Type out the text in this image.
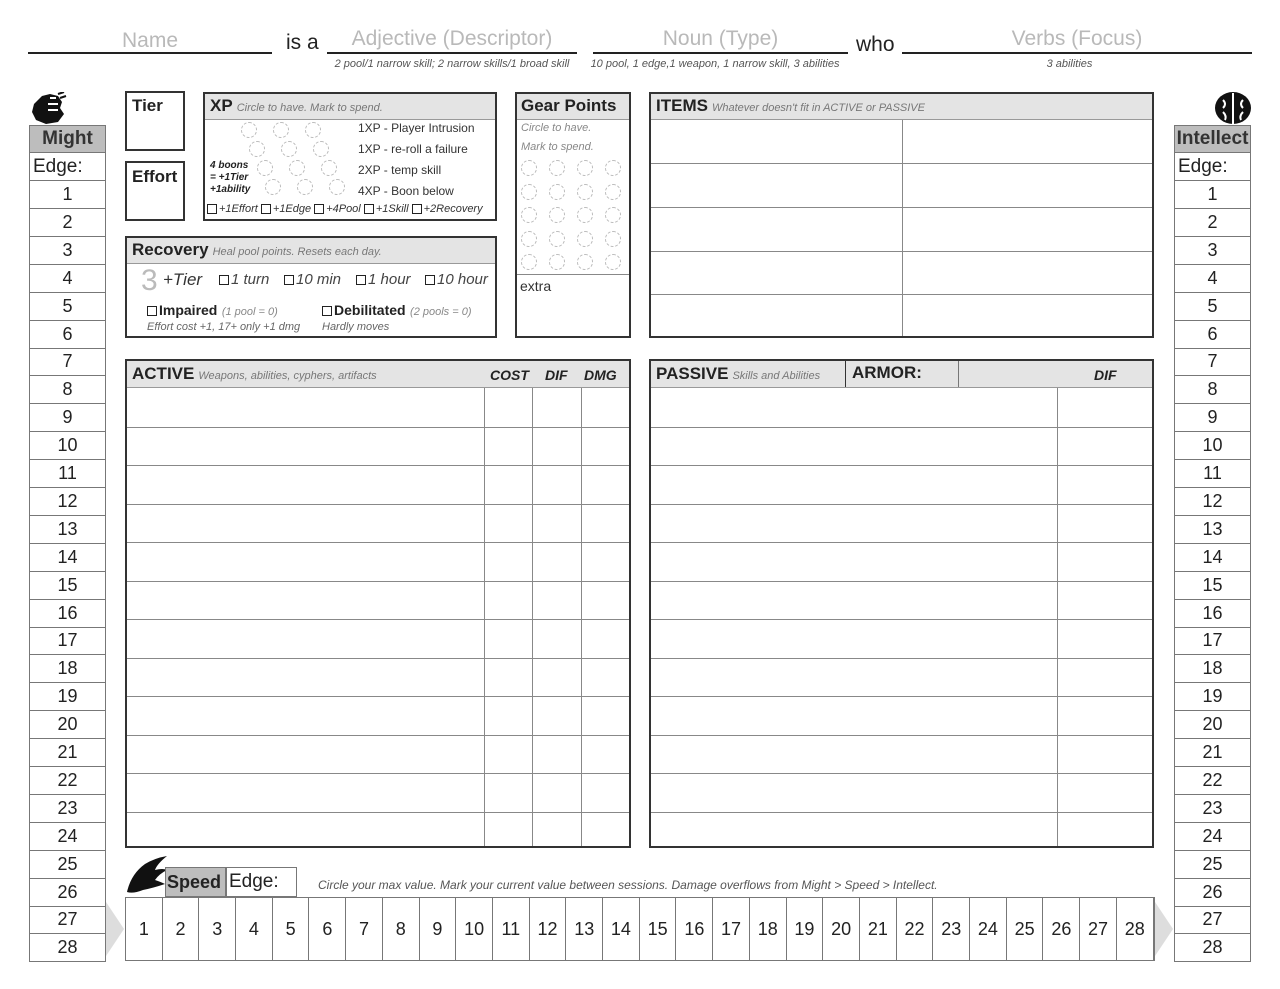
Name	is a	Adjective (Descriptor)
2 pool/1 narrow skill; 2 narrow skills/1 broad skill
Noun (Type)
10 pool, 1 edge,1 weapon, 1 narrow skill, 3 abilities
who	Verbs (Focus)
3 abilities
Might
Edge:
1
2
3
4
5
6
7
8
9
10
11
12
13
14
15
16
17
18
19
20
21
22
23
24
25
26
27
28
Intellect
Edge:
1
2
3
4
5
6
7
8
9
10
11
12
13
14
15
16
17
18
19
20
21
22
23
24
25
26
27
28
Tier
Effort
XP Circle to have. Mark to spend.
1XP - Player Intrusion
1XP - re-roll a failure
2XP - temp skill
4XP - Boon below
4 boons
= +1Tier
+1ability
+1Effort +1Edge +4Pool +1Skill +2Recovery
Recovery Heal pool points. Resets each day.
3 +Tier	1 turn	10 min	1 hour	10 hour
Impaired (1 pool = 0)
Effort cost +1, 17+ only +1 dmg
Debilitated (2 pools = 0)
Hardly moves
Gear Points
Circle to have.
Mark to spend.
extra
ITEMS Whatever doesn't fit in ACTIVE or PASSIVE
ACTIVE Weapons, abilities, cyphers, artifacts	COST DIF DMG PASSIVE Skills and Abilities	ARMOR:	DIF
Speed Edge:	Circle your max value. Mark your current value between sessions. Damage overflows from Might > Speed > Intellect.
1	2	3	4	5	6	7	8	9	10 11 12 13 14 15 16 17 18 19 20 21 22 23 24 25 26 27 28
